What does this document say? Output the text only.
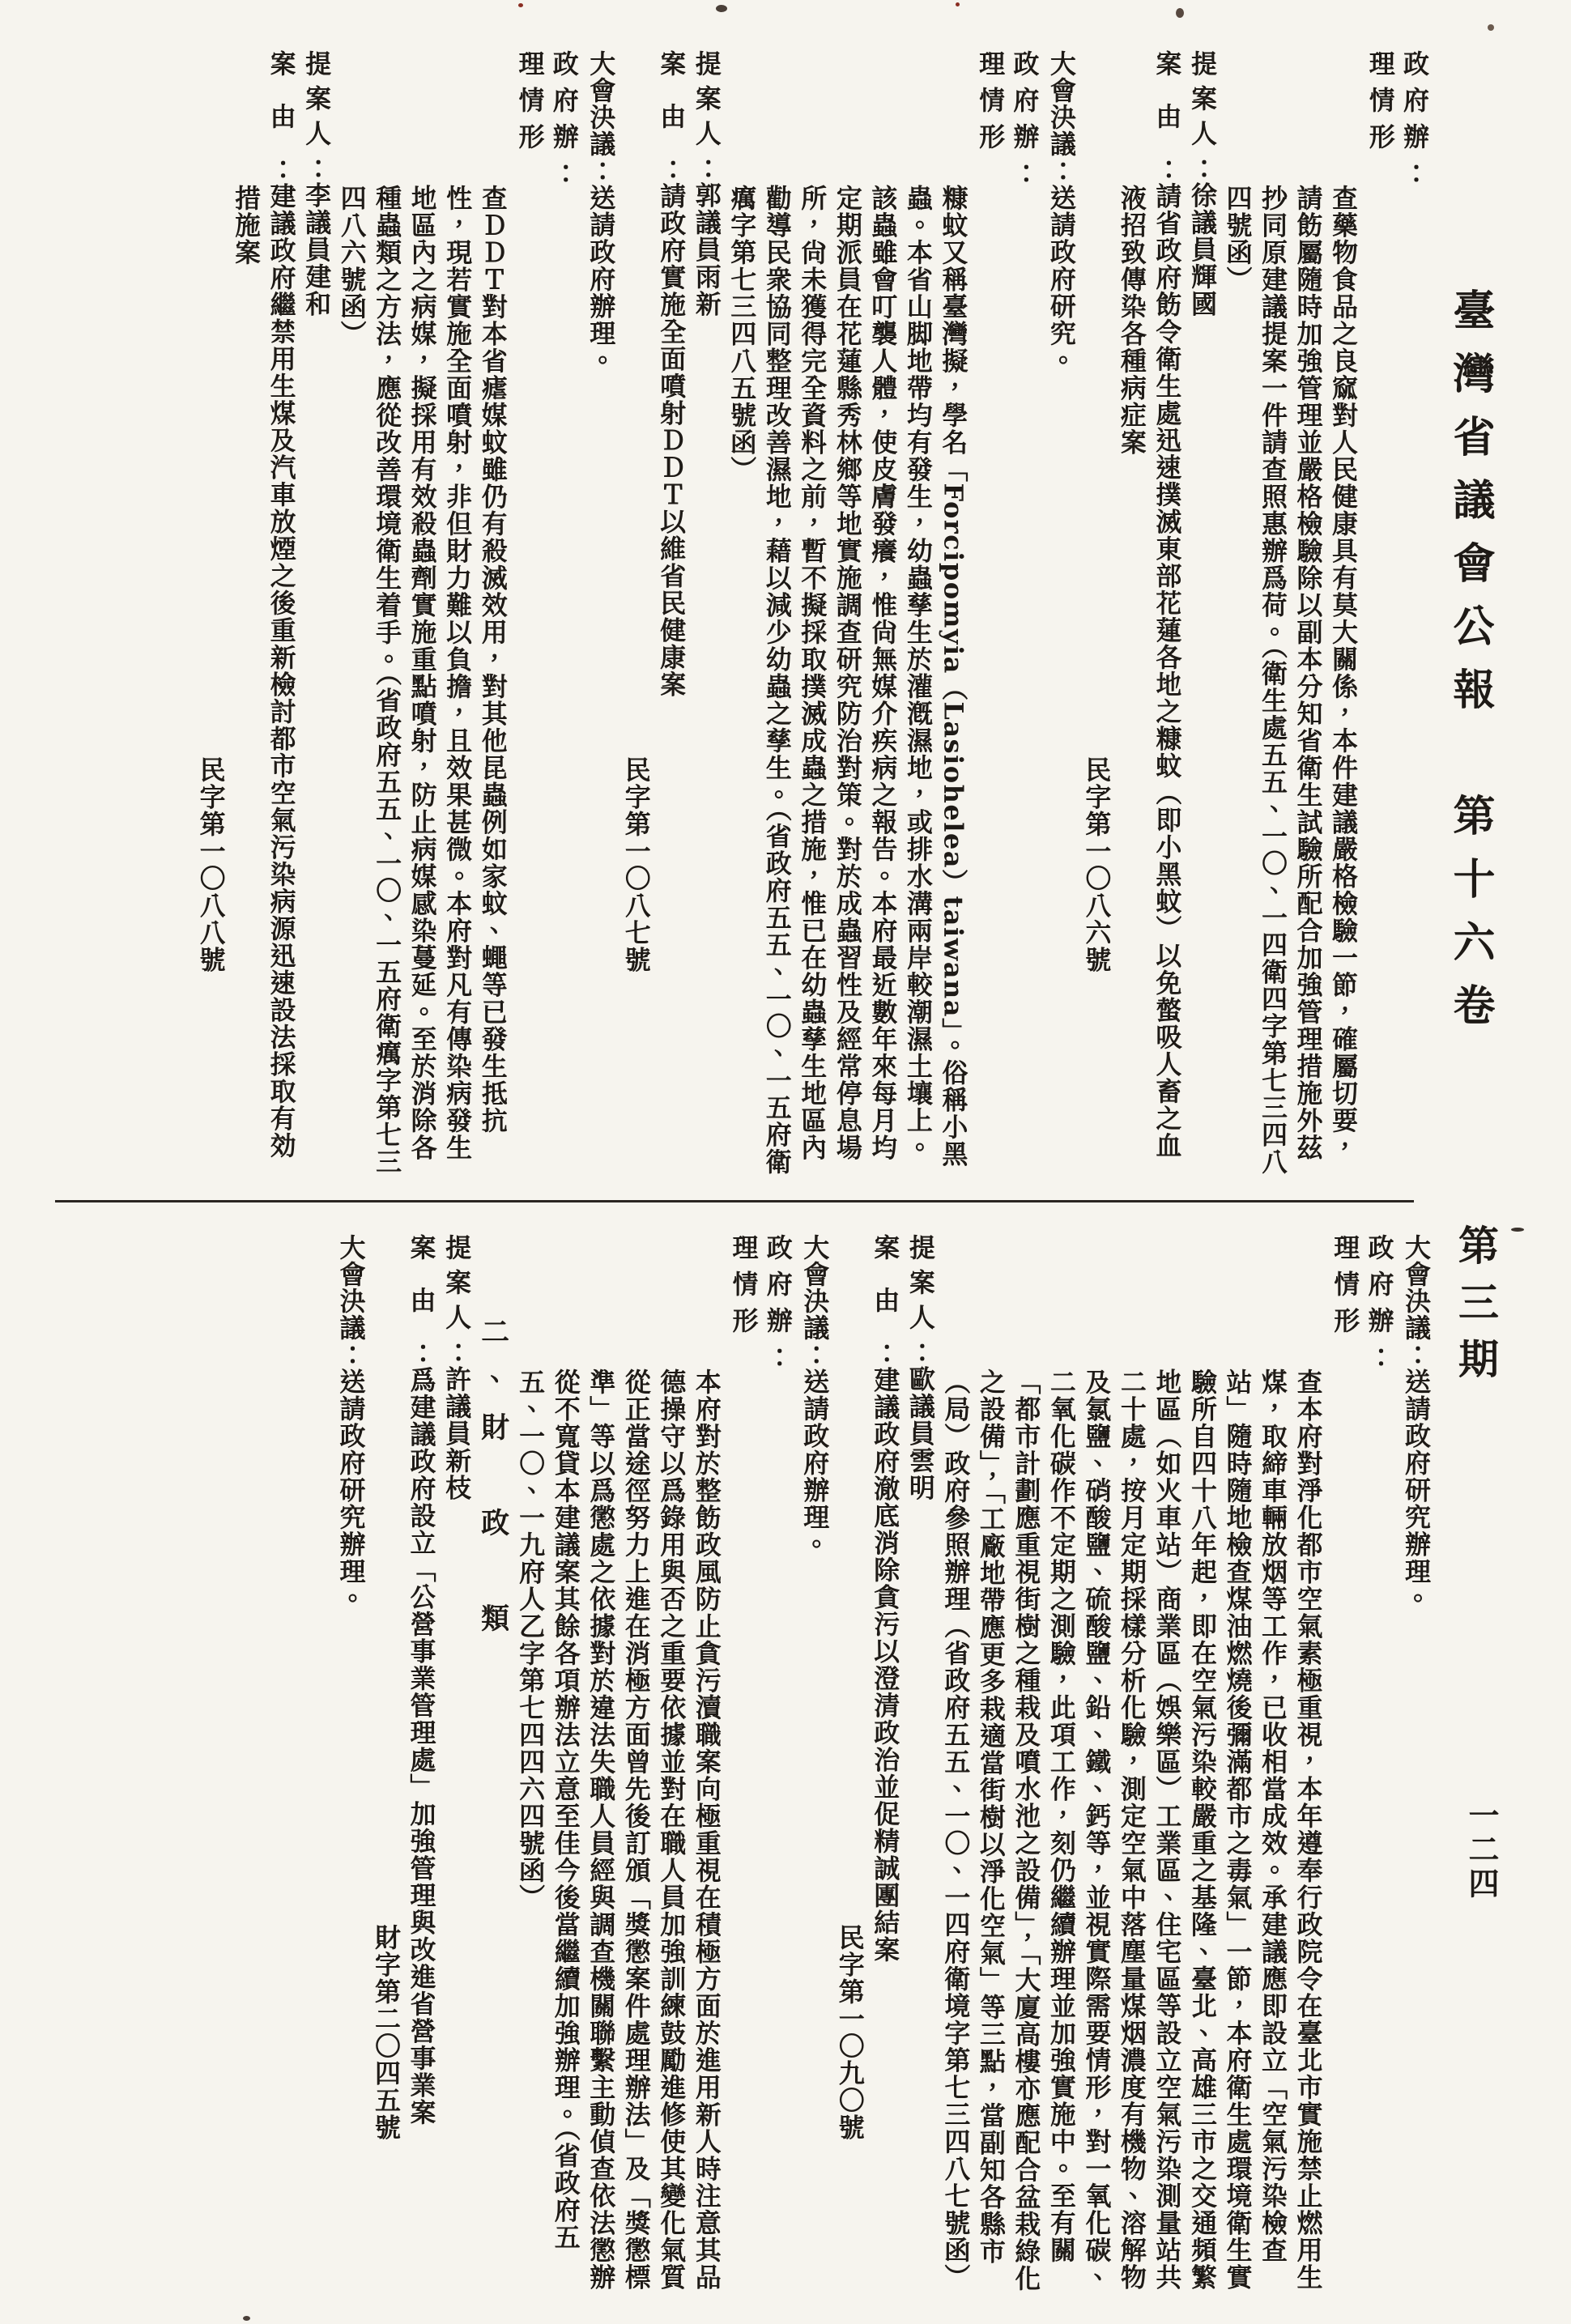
臺灣省議會公報　第十六卷
第三期
一二四
政府辦：
理情形
查藥物食品之良窳對人民健康具有莫大關係，本件建議嚴格檢驗一節，確屬切要，請飭屬隨時加強管理並嚴格檢驗除以副本分知省衛生試驗所配合加強管理措施外茲抄同原建議提案一件請查照惠辦爲荷。（衛生處五五、一〇、一四衛四字第七三四八四號函）
提案人：徐議員輝國
案由：請省政府飭令衛生處迅速撲滅東部花蓮各地之糠蚊（即小黑蚊）以免螫吸人畜之血液招致傳染各種病症案
民字第一〇八六號
大會決議：送請政府研究。
政府辦：
理情形
糠蚊又稱臺灣擬，學名「Forcipomyia（Lasiohelea）taiwana」。俗稱小黑蟲。本省山脚地帶均有發生，幼蟲孳生於灌漑濕地，或排水溝兩岸較潮濕土壤上。該蟲雖會叮襲人體，使皮膚發癢，惟尙無媒介疾病之報告。本府最近數年來每月均定期派員在花蓮縣秀林鄉等地實施調查研究防治對策。對於成蟲習性及經常停息場所，尙未獲得完全資料之前，暫不擬採取撲滅成蟲之措施，惟已在幼蟲孳生地區內勸導民衆協同整理改善濕地，藉以減少幼蟲之孳生。（省政府五五、一〇、一五府衛癘字第七三四八五號函）
提案人：郭議員雨新
案由：請政府實施全面噴射ＤＤＴ以維省民健康案
民字第一〇八七號
大會決議：送請政府辦理。
政府辦：
理情形
查ＤＤＴ對本省瘧媒蚊雖仍有殺滅效用，對其他昆蟲例如家蚊、蠅等已發生抵抗性，現若實施全面噴射，非但財力難以負擔，且效果甚微。本府對凡有傳染病發生地區內之病媒，擬採用有效殺蟲劑實施重點噴射，防止病媒感染蔓延。至於消除各種蟲類之方法，應從改善環境衛生着手。（省政府五五、一〇、一五府衛癘字第七三四八六號函）
提案人：李議員建和
案由：建議政府繼禁用生煤及汽車放煙之後重新檢討都市空氣污染病源迅速設法採取有効措施案
民字第一〇八八號
大會決議：送請政府研究辦理。
政府辦：
理情形
查本府對淨化都市空氣素極重視，本年遵奉行政院令在臺北市實施禁止燃用生煤，取締車輛放烟等工作，已收相當成效。承建議應即設立「空氣污染檢查站」隨時隨地檢查煤油燃燒後彌滿都市之毒氣」一節，本府衛生處環境衛生實驗所自四十八年起，即在空氣污染較嚴重之基隆、臺北、高雄三市之交通頻繁地區（如火車站）商業區（娛樂區）工業區、住宅區等設立空氣污染測量站共二十處，按月定期採樣分析化驗，測定空氣中落塵量煤烟濃度有機物、溶解物及氯鹽、硝酸鹽、硫酸鹽、鉛、鐵、鈣等，並視實際需要情形，對一氧化碳、二氧化碳作不定期之測驗，此項工作，刻仍繼續辦理並加強實施中。至有關「都市計劃應重視街樹之種栽及噴水池之設備」，「大廈高樓亦應配合盆栽綠化之設備」，「工廠地帶應更多栽適當街樹以淨化空氣」等三點，當副知各縣市（局）政府參照辦理（省政府五五、一〇、一四府衛境字第七三四八七號函）
提案人：歐議員雲明
案由：建議政府澈底消除貪污以澄清政治並促精誠團結案
民字第一〇九〇號
大會決議：送請政府辦理。
政府辦：
理情形
本府對於整飭政風防止貪污瀆職案向極重視在積極方面於進用新人時注意其品德操守以爲錄用與否之重要依據並對在職人員加強訓練鼓勵進修使其變化氣質從正當途徑努力上進在消極方面曾先後訂頒「獎懲案件處理辦法」及「獎懲標準」等以爲懲處之依據對於違法失職人員經與調查機關聯繫主動偵查依法懲辦從不寬貸本建議案其餘各項辦法立意至佳今後當繼續加強辦理。（省政府五五、一〇、一九府人乙字第七四四六四號函）
二、財　政　類
提案人：許議員新枝
案由：爲建議政府設立「公營事業管理處」加強管理與改進省營事業案
財字第二〇四五號
大會決議：送請政府研究辦理。
